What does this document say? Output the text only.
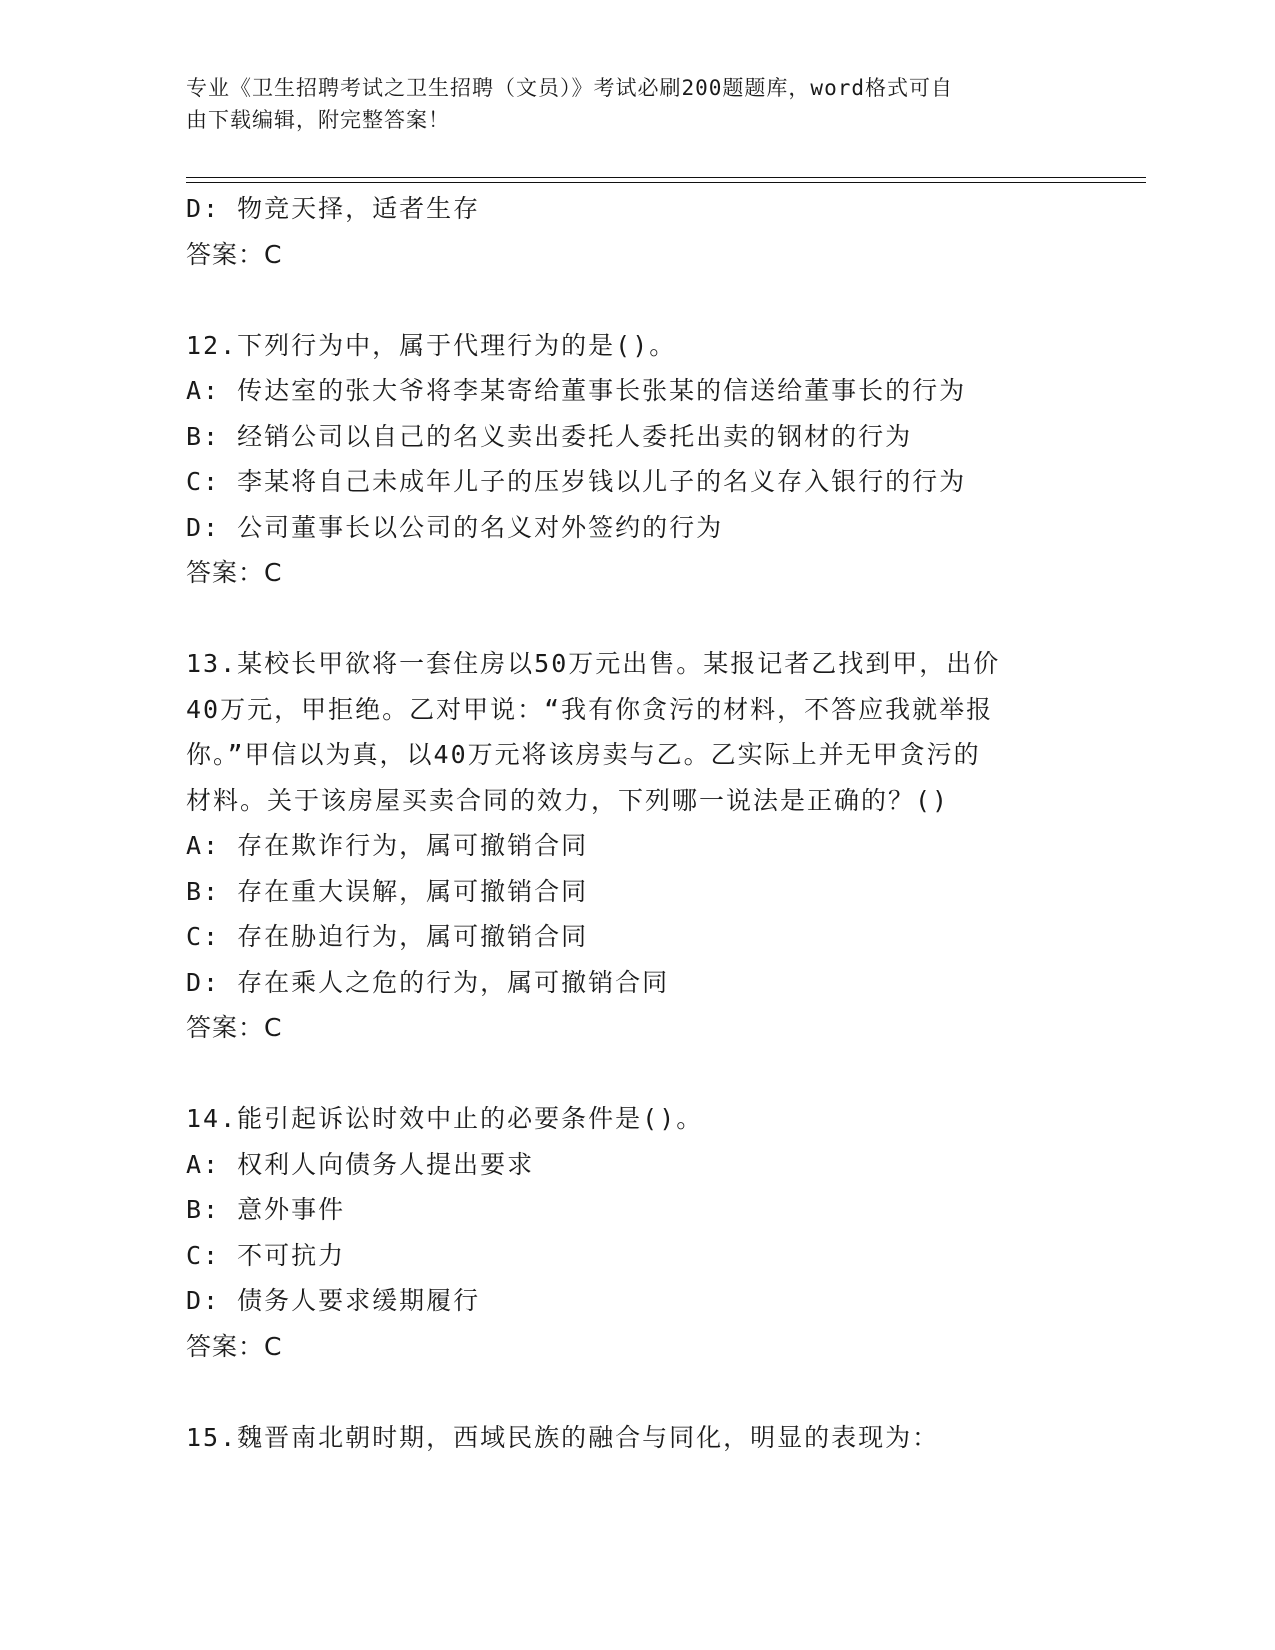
专业《卫生招聘考试之卫生招聘（文员）》考试必刷200题题库，word格式可自
由下载编辑，附完整答案！
D: 物竞天择，适者生存
答案：C
12.下列行为中，属于代理行为的是()。
A: 传达室的张大爷将李某寄给董事长张某的信送给董事长的行为
B: 经销公司以自己的名义卖出委托人委托出卖的钢材的行为
C: 李某将自己未成年儿子的压岁钱以儿子的名义存入银行的行为
D: 公司董事长以公司的名义对外签约的行为
答案：C
13.某校长甲欲将一套住房以50万元出售。某报记者乙找到甲，出价
40万元，甲拒绝。乙对甲说：“我有你贪污的材料，不答应我就举报
你。”甲信以为真，以40万元将该房卖与乙。乙实际上并无甲贪污的
材料。关于该房屋买卖合同的效力，下列哪一说法是正确的？()
A: 存在欺诈行为，属可撤销合同
B: 存在重大误解，属可撤销合同
C: 存在胁迫行为，属可撤销合同
D: 存在乘人之危的行为，属可撤销合同
答案：C
14.能引起诉讼时效中止的必要条件是()。
A: 权利人向债务人提出要求
B: 意外事件
C: 不可抗力
D: 债务人要求缓期履行
答案：C
15.魏晋南北朝时期，西域民族的融合与同化，明显的表现为：
